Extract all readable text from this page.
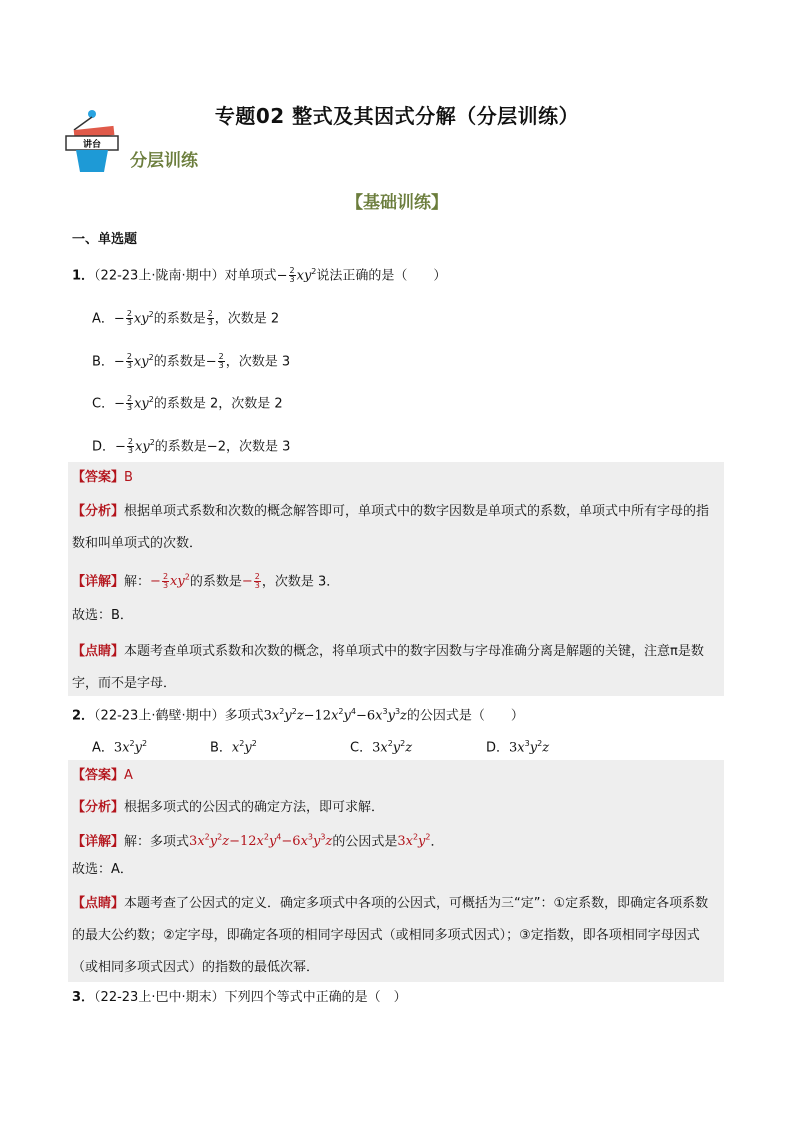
专题02 整式及其因式分解（分层训练）
讲台
分层训练
【基础训练】
一、单选题
1．（22-23上·陇南·期中）对单项式− $\frac{2}{3} xy^2$说法正确的是（　　）
A．− $\frac{2}{3} xy^2$的系数是 $\frac{2}{3}$ ，次数是 2
B．− $\frac{2}{3} xy^2$的系数是− $\frac{2}{3}$ ，次数是 3
C．− $\frac{2}{3} xy^2$的系数是 2，次数是 2
D．− $\frac{2}{3} xy^2$的系数是−2，次数是 3
【答案】B
【分析】根据单项式系数和次数的概念解答即可，单项式中的数字因数是单项式的系数，单项式中所有字母的指数和叫单项式的次数．
【详解】解：− $\frac{2}{3} xy^2$的系数是− $\frac{2}{3}$ ，次数是 3．
故选：B．
【点睛】本题考查单项式系数和次数的概念，将单项式中的数字因数与字母准确分离是解题的关键，注意π是数字，而不是字母．
2．（22-23上·鹤壁·期中）多项式$3x^2y^2z-12x^2y^4-6x^3y^3z$的公因式是（　　）
A．$3x^2y^2$	B．$x^2y^2$	C．$3x^2y^2z$	D．$3x^3y^2z$
【答案】A
【分析】根据多项式的公因式的确定方法，即可求解．
【详解】解：多项式$3x^2y^2z-12x^2y^4-6x^3y^3z$的公因式是$3x^2y^2$．
故选：A．
【点睛】本题考查了公因式的定义．确定多项式中各项的公因式，可概括为三“定”：①定系数，即确定各项系数的最大公约数；②定字母，即确定各项的相同字母因式（或相同多项式因式）；③定指数，即各项相同字母因式（或相同多项式因式）的指数的最低次幂．
3．（22-23上·巴中·期末）下列四个等式中正确的是（　）
